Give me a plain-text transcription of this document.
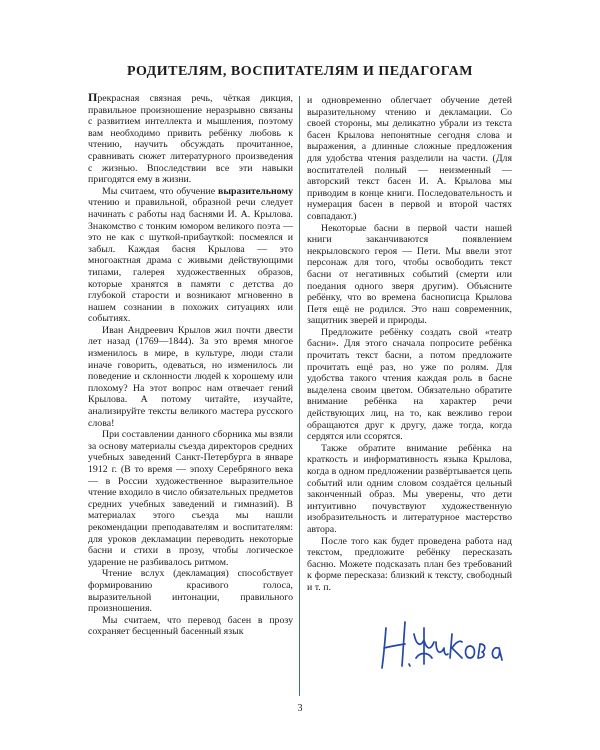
РОДИТЕЛЯМ, ВОСПИТАТЕЛЯМ И ПЕДАГОГАМ

Прекрасная связная речь, чёткая дикция, правильное произношение неразрывно связаны с развитием интеллекта и мышления, поэтому вам необходимо привить ребёнку любовь к чтению, научить обсуждать прочитанное, сравнивать сюжет литературного произведения с жизнью. Впоследствии все эти навыки пригодятся ему в жизни.

Мы считаем, что обучение выразительному чтению и правильной, образной речи следует начинать с работы над баснями И. А. Крылова. Знакомство с тонким юмором великого поэта — это не как с шуткой-прибауткой: посмеялся и забыл. Каждая басня Крылова — это многоактная драма с живыми действующими типами, галерея художественных образов, которые хранятся в памяти с детства до глубокой старости и возникают мгновенно в нашем сознании в похожих ситуациях или событиях.

Иван Андреевич Крылов жил почти двести лет назад (1769—1844). За это время многое изменилось в мире, в культуре, люди стали иначе говорить, одеваться, но изменилось ли поведение и склонности людей к хорошему или плохому? На этот вопрос нам отвечает гений Крылова. А потому читайте, изучайте, анализируйте тексты великого мастера русского слова!

При составлении данного сборника мы взяли за основу материалы съезда директоров средних учебных заведений Санкт-Петербурга в январе 1912 г. (В то время — эпоху Серебряного века — в России художественное выразительное чтение входило в число обязательных предметов средних учебных заведений и гимназий). В материалах этого съезда мы нашли рекомендации преподавателям и воспитателям: для уроков декламации переводить некоторые басни и стихи в прозу, чтобы логическое ударение не разбивалось ритмом.

Чтение вслух (декламация) способствует формированию красивого голоса, выразительной интонации, правильного произношения.

Мы считаем, что перевод басен в прозу сохраняет бесценный басенный язык

и одновременно облегчает обучение детей выразительному чтению и декламации. Со своей стороны, мы деликатно убрали из текста басен Крылова непонятные сегодня слова и выражения, а длинные сложные предложения для удобства чтения разделили на части. (Для воспитателей полный — неизменный — авторский текст басен И. А. Крылова мы приводим в конце книги. Последовательность и нумерация басен в первой и второй частях совпадают.)

Некоторые басни в первой части нашей книги заканчиваются появлением некрыловского героя — Пети. Мы ввели этот персонаж для того, чтобы освободить текст басни от негативных событий (смерти или поедания одного зверя другим). Объясните ребёнку, что во времена баснописца Крылова Петя ещё не родился. Это наш современник, защитник зверей и природы.

Предложите ребёнку создать свой «театр басни». Для этого сначала попросите ребёнка прочитать текст басни, а потом предложите прочитать ещё раз, но уже по ролям. Для удобства такого чтения каждая роль в басне выделена своим цветом. Обязательно обратите внимание ребёнка на характер речи действующих лиц, на то, как вежливо герои обращаются друг к другу, даже тогда, когда сердятся или ссорятся.

Также обратите внимание ребёнка на краткость и информативность языка Крылова, когда в одном предложении развёртывается цепь событий или одним словом создаётся цельный законченный образ. Мы уверены, что дети интуитивно почувствуют художественную изобразительность и литературное мастерство автора.

После того как будет проведена работа над текстом, предложите ребёнку пересказать басню. Можете подсказать план без требований к форме пересказа: близкий к тексту, свободный и т. п.

3
